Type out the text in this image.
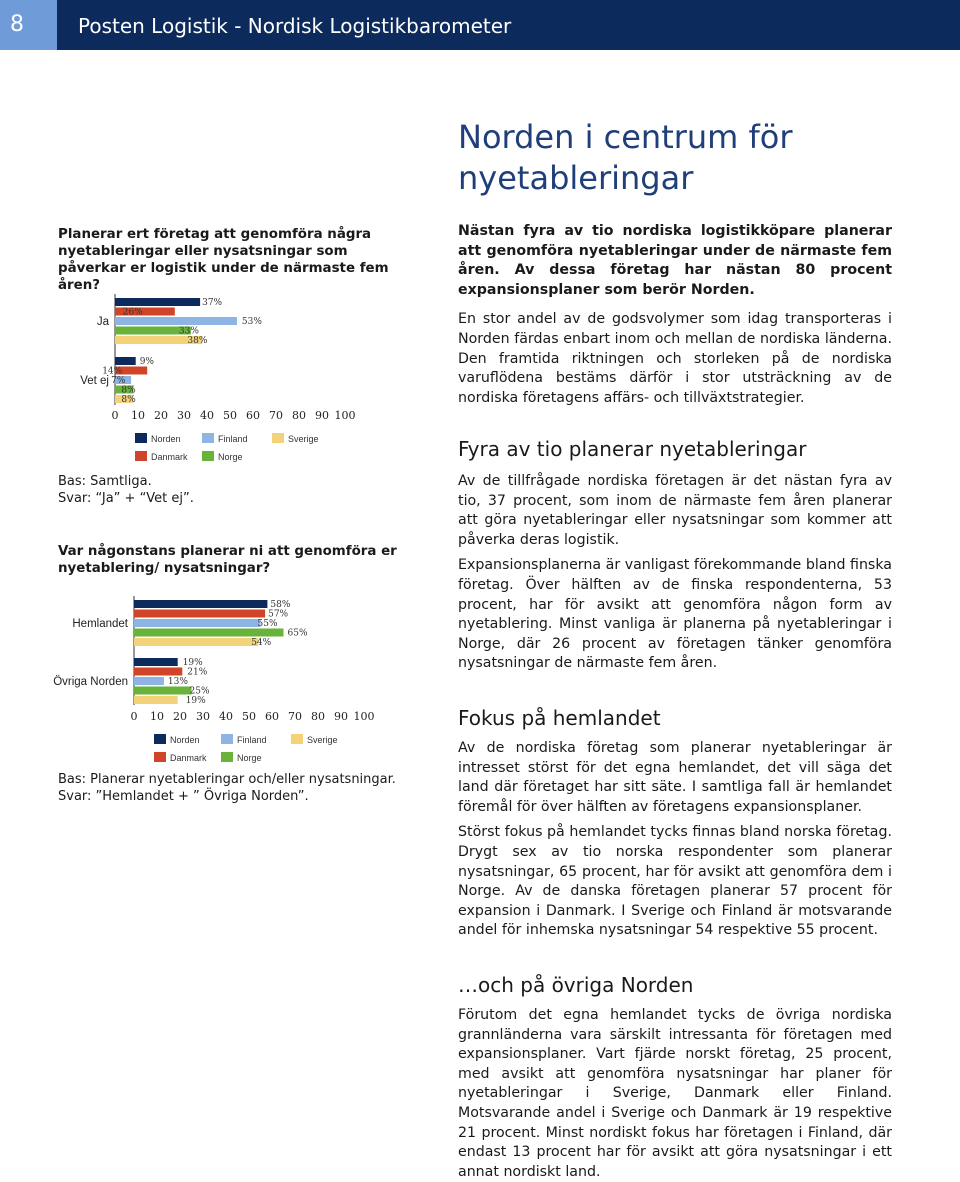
8	Posten Logistik - Nordisk Logistikbarometer
Norden i centrum för nyetableringar

Nästan fyra av tio nordiska logistikköpare planerar att genomföra nyetableringar under de närmaste fem åren. Av dessa företag har nästan 80 procent expansionsplaner som berör Norden.

En stor andel av de godsvolymer som idag transporteras i Norden färdas enbart inom och mellan de nordiska länderna. Den framtida riktningen och storleken på de nordiska varuflödena bestäms därför i stor utsträckning av de nordiska företagens affärs- och tillväxtstrategier.

Fyra av tio planerar nyetableringar

Av de tillfrågade nordiska företagen är det nästan fyra av tio, 37 procent, som inom de närmaste fem åren planerar att göra nyetableringar eller nysatsningar som kommer att påverka deras logistik.

Expansionsplanerna är vanligast förekommande bland finska företag. Över hälften av de finska respondenterna, 53 procent, har för avsikt att genomföra någon form av nyetablering. Minst vanliga är planerna på nyetableringar i Norge, där 26 procent av företagen tänker genomföra nysatsningar de närmaste fem åren.

Fokus på hemlandet

Av de nordiska företag som planerar nyetableringar är intresset störst för det egna hemlandet, det vill säga det land där företaget har sitt säte. I samtliga fall är hemlandet föremål för över hälften av företagens expansionsplaner.

Störst fokus på hemlandet tycks finnas bland norska företag. Drygt sex av tio norska respondenter som planerar nysatsningar, 65 procent, har för avsikt att genomföra dem i Norge. Av de danska företagen planerar 57 procent för expansion i Danmark. I Sverige och Finland är motsvarande andel för inhemska nysatsningar 54 respektive 55 procent.

…och på övriga Norden

Förutom det egna hemlandet tycks de övriga nordiska grannländerna vara särskilt intressanta för företagen med expansionsplaner. Vart fjärde norskt företag, 25 procent, med avsikt att genomföra nysatsningar har planer för nyetableringar i Sverige, Danmark eller Finland. Motsvarande andel i Sverige och Danmark är 19 respektive 21 procent. Minst nordiskt fokus har företagen i Finland, där endast 13 procent har för avsikt att göra nysatsningar i ett annat nordiskt land.

Planerar ert företag att genomföra några nyetableringar eller nysatsningar som påverkar er logistik under de närmaste fem åren?
Ja
37%
26%
53%
33%
38%
Vet ej
9%
14%
7%
8%
8%
0 10 20 30 40 50 60 70 80 90 100
Norden	Finland	Sverige
Danmark	Norge
Bas: Samtliga.
Svar: “Ja” + “Vet ej”.
Var någonstans planerar ni att genomföra er nyetablering/ nysatsningar?
Hemlandet
58%
57%
55%
65%
54%
Övriga Norden
19%
21%
13%
25%
19%
0 10 20 30 40 50 60 70 80 90 100
Norden	Finland	Sverige
Danmark	Norge
Bas: Planerar nyetableringar och/eller nysatsningar.
Svar: ”Hemlandet + ” Övriga Norden”.
